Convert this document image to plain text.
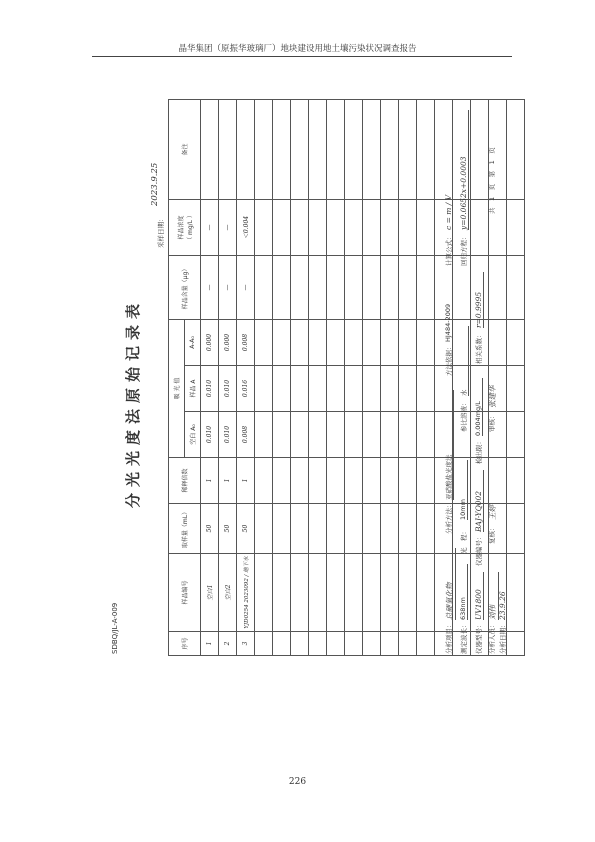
晶华集团（原振华玻璃厂）地块建设用地土壤污染状况调查报告
SDBQ/JL-A-009
分光光度法原始记录表
采样日期：
2023.9.25
序号	样品编号	取样量（mL）	稀释倍数	吸 光 值			样品含量（μg）	样品浓度 （ mg/L ）	备注
				空白 A₀	样品 A	A-A₀			
1	空白1	50	1	0.010	0.010	0.000	—	—	
2	空白2	50	1	0.010	0.010	0.000	—	—	
3	YJD0254 2023092 / 地下水	50	1	0.008	0.016	0.008	—	＜0.004	

分析项目：
总硬氧化物
分析方法：
亚硝酸盐光度法
方法依据：
HJ484-2009
计算公式：
c = m / V
测定波长：
638nm
光　程：
10mm
参比溶液：
水
回归方程：
y=0.0652x+0.0003
仪器型号：
UV1800
仪器编号：
BAJ-YQ002
检出限：
0.004mg/L
相关系数：
r=0.9995
分析人员：
刘伟
复核：
王婷
审核：
张建华
共　1　页　第　1　页
分析日期：
23.9.26
226
